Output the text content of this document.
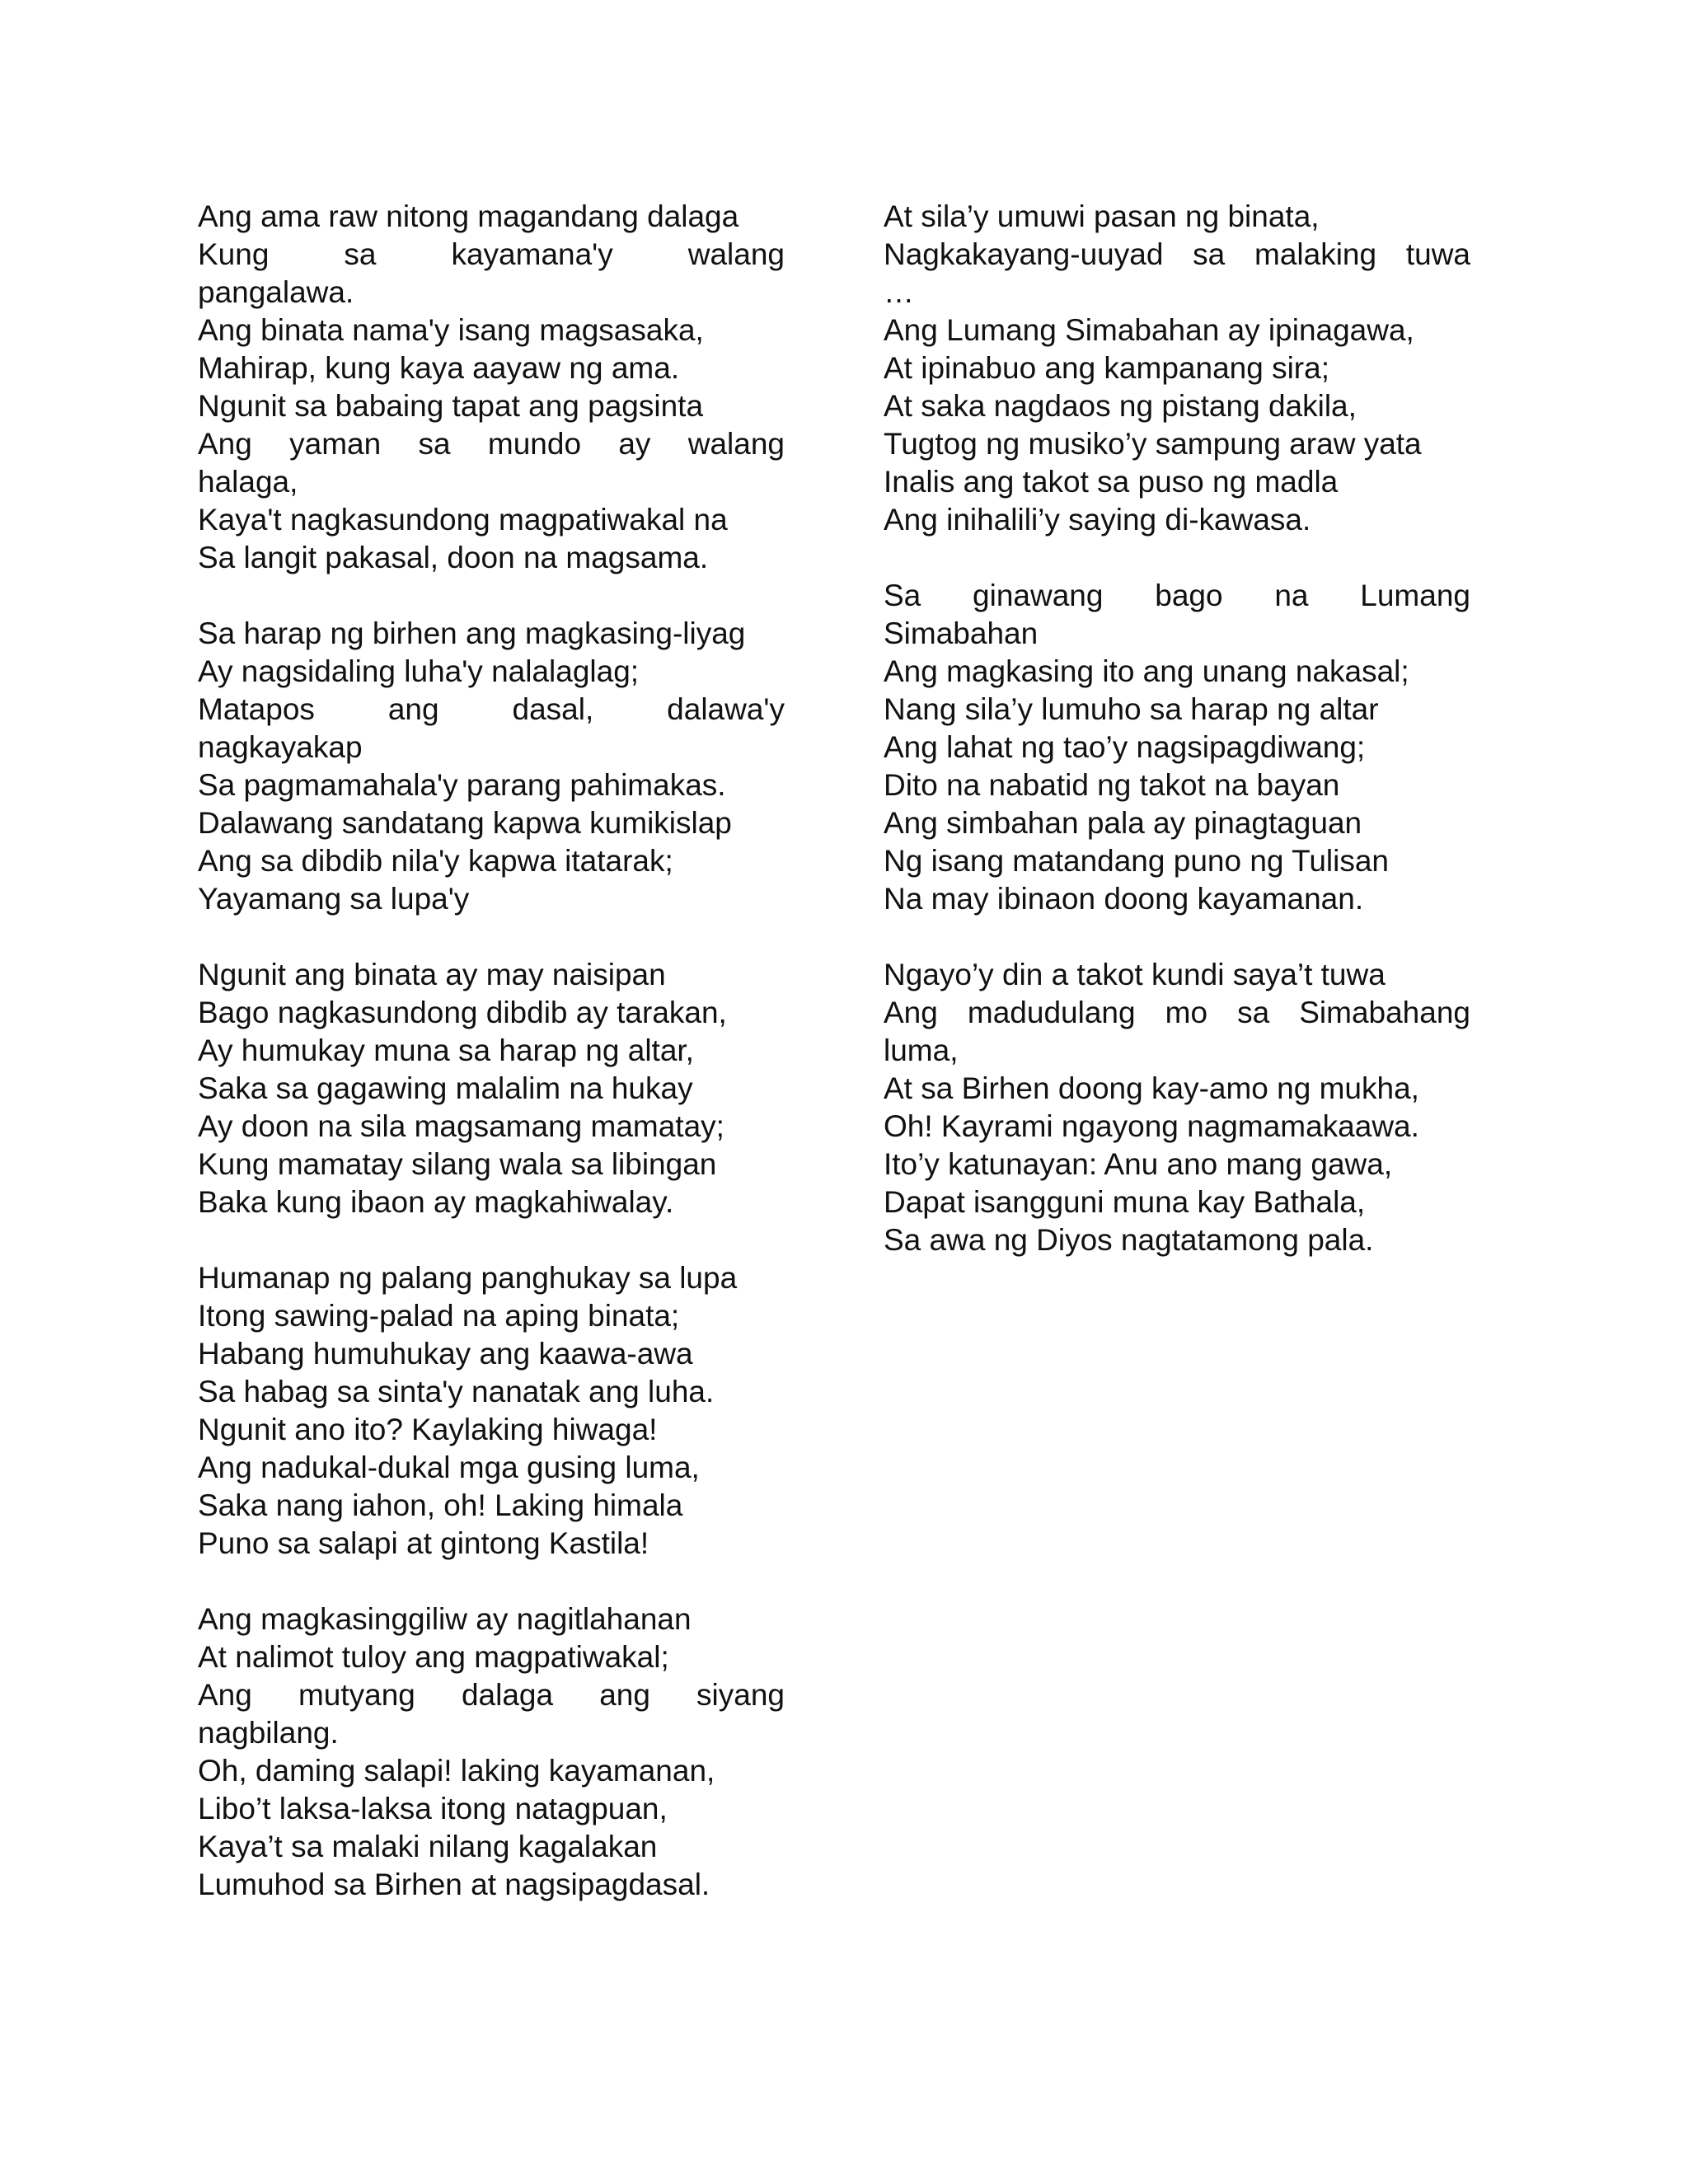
Ang ama raw nitong magandang dalaga
Kung sa kayamana'y walang
pangalawa.
Ang binata nama'y isang magsasaka,
Mahirap, kung kaya aayaw ng ama.
Ngunit sa babaing tapat ang pagsinta
Ang yaman sa mundo ay walang
halaga,
Kaya't nagkasundong magpatiwakal na
Sa langit pakasal, doon na magsama.
Sa harap ng birhen ang magkasing-liyag
Ay nagsidaling luha'y nalalaglag;
Matapos ang dasal, dalawa'y
nagkayakap
Sa pagmamahala'y parang pahimakas.
Dalawang sandatang kapwa kumikislap
Ang sa dibdib nila'y kapwa itatarak;
Yayamang sa lupa'y
Ngunit ang binata ay may naisipan
Bago nagkasundong dibdib ay tarakan,
Ay humukay muna sa harap ng altar,
Saka sa gagawing malalim na hukay
Ay doon na sila magsamang mamatay;
Kung mamatay silang wala sa libingan
Baka kung ibaon ay magkahiwalay.
Humanap ng palang panghukay sa lupa
Itong sawing-palad na aping binata;
Habang humuhukay ang kaawa-awa
Sa habag sa sinta'y nanatak ang luha.
Ngunit ano ito? Kaylaking hiwaga!
Ang nadukal-dukal mga gusing luma,
Saka nang iahon, oh! Laking himala
Puno sa salapi at gintong Kastila!
Ang magkasinggiliw ay nagitlahanan
At nalimot tuloy ang magpatiwakal;
Ang mutyang dalaga ang siyang
nagbilang.
Oh, daming salapi! laking kayamanan,
Libo’t laksa-laksa itong natagpuan,
Kaya’t sa malaki nilang kagalakan
Lumuhod sa Birhen at nagsipagdasal.
At sila’y umuwi pasan ng binata,
Nagkakayang-uuyad sa malaking tuwa
…
Ang Lumang Simabahan ay ipinagawa,
At ipinabuo ang kampanang sira;
At saka nagdaos ng pistang dakila,
Tugtog ng musiko’y sampung araw yata
Inalis ang takot sa puso ng madla
Ang inihalili’y saying di-kawasa.
Sa ginawang bago na Lumang
Simabahan
Ang magkasing ito ang unang nakasal;
Nang sila’y lumuho sa harap ng altar
Ang lahat ng tao’y nagsipagdiwang;
Dito na nabatid ng takot na bayan
Ang simbahan pala ay pinagtaguan
Ng isang matandang puno ng Tulisan
Na may ibinaon doong kayamanan.
Ngayo’y din a takot kundi saya’t tuwa
Ang madudulang mo sa Simabahang
luma,
At sa Birhen doong kay-amo ng mukha,
Oh! Kayrami ngayong nagmamakaawa.
Ito’y katunayan: Anu ano mang gawa,
Dapat isangguni muna kay Bathala,
Sa awa ng Diyos nagtatamong pala.
